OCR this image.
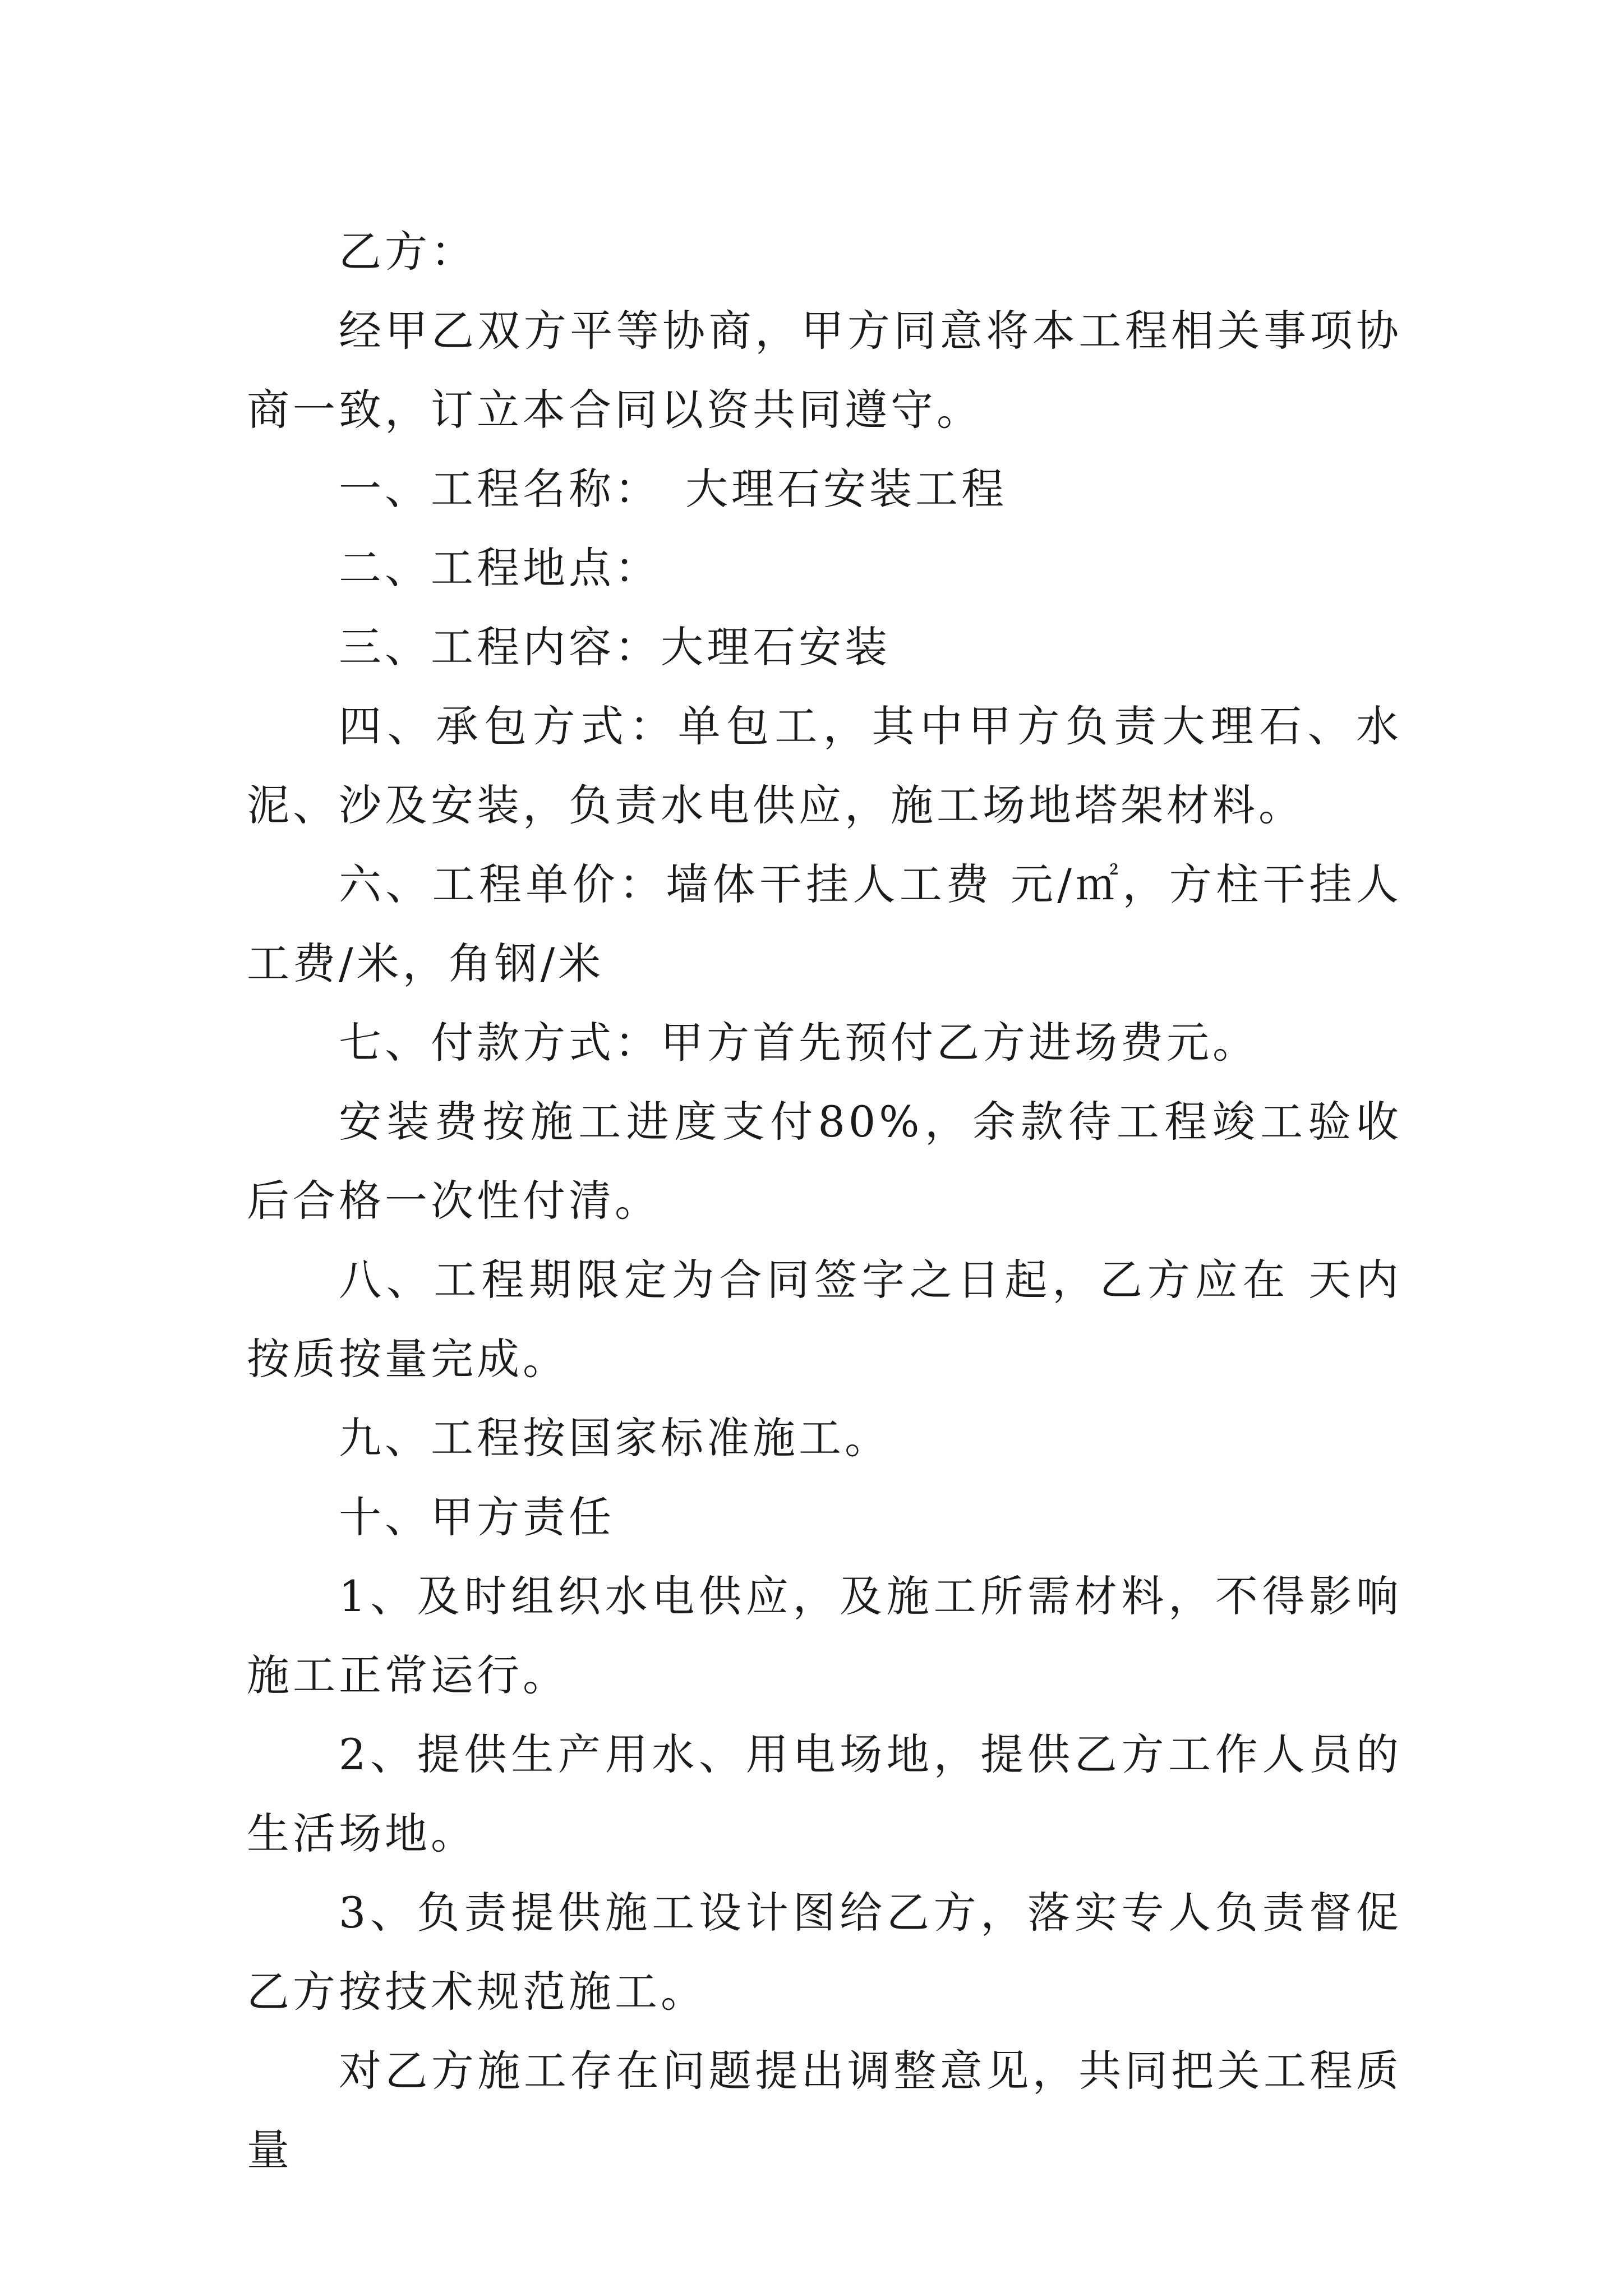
乙方：

经甲乙双方平等协商，甲方同意将本工程相关事项协商一致，订立本合同以资共同遵守。

一、工程名称：　大理石安装工程

二、工程地点：

三、工程内容：大理石安装

四、承包方式：单包工，其中甲方负责大理石、水泥、沙及安装，负责水电供应，施工场地塔架材料。

六、工程单价：墙体干挂人工费 元/㎡，方柱干挂人工费/米，角钢/米

七、付款方式：甲方首先预付乙方进场费元。

安装费按施工进度支付80%，余款待工程竣工验收后合格一次性付清。

八、工程期限定为合同签字之日起，乙方应在 天内按质按量完成。

九、工程按国家标准施工。

十、甲方责任

1、及时组织水电供应，及施工所需材料，不得影响施工正常运行。

2、提供生产用水、用电场地，提供乙方工作人员的生活场地。

3、负责提供施工设计图给乙方，落实专人负责督促乙方按技术规范施工。

对乙方施工存在问题提出调整意见，共同把关工程质量
